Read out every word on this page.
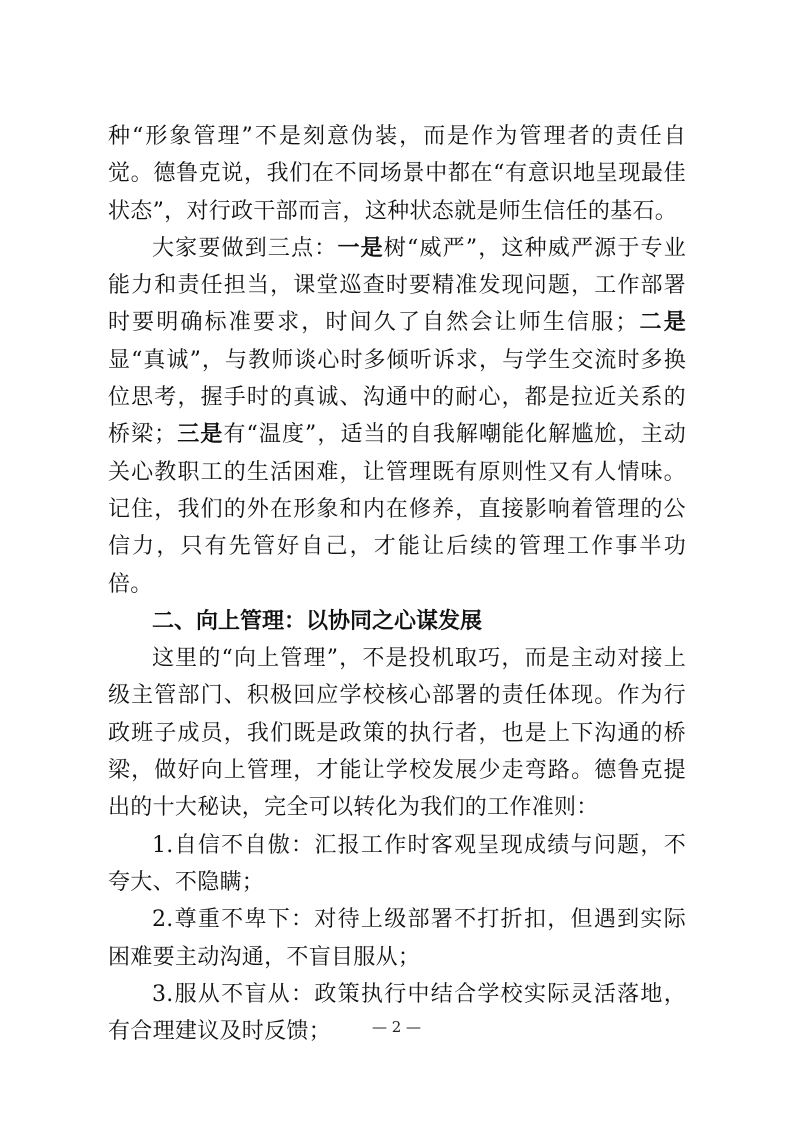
种“形象管理”不是刻意伪装，而是作为管理者的责任自觉。德鲁克说，我们在不同场景中都在“有意识地呈现最佳状态”，对行政干部而言，这种状态就是师生信任的基石。

大家要做到三点：一是树“威严”，这种威严源于专业能力和责任担当，课堂巡查时要精准发现问题，工作部署时要明确标准要求，时间久了自然会让师生信服；二是显“真诚”，与教师谈心时多倾听诉求，与学生交流时多换位思考，握手时的真诚、沟通中的耐心，都是拉近关系的桥梁；三是有“温度”，适当的自我解嘲能化解尴尬，主动关心教职工的生活困难，让管理既有原则性又有人情味。记住，我们的外在形象和内在修养，直接影响着管理的公信力，只有先管好自己，才能让后续的管理工作事半功倍。

二、向上管理：以协同之心谋发展

这里的“向上管理”，不是投机取巧，而是主动对接上级主管部门、积极回应学校核心部署的责任体现。作为行政班子成员，我们既是政策的执行者，也是上下沟通的桥梁，做好向上管理，才能让学校发展少走弯路。德鲁克提出的十大秘诀，完全可以转化为我们的工作准则：

1.自信不自傲：汇报工作时客观呈现成绩与问题，不夸大、不隐瞒；

2.尊重不卑下：对待上级部署不打折扣，但遇到实际困难要主动沟通，不盲目服从；

3.服从不盲从：政策执行中结合学校实际灵活落地，有合理建议及时反馈；	— 2 —
